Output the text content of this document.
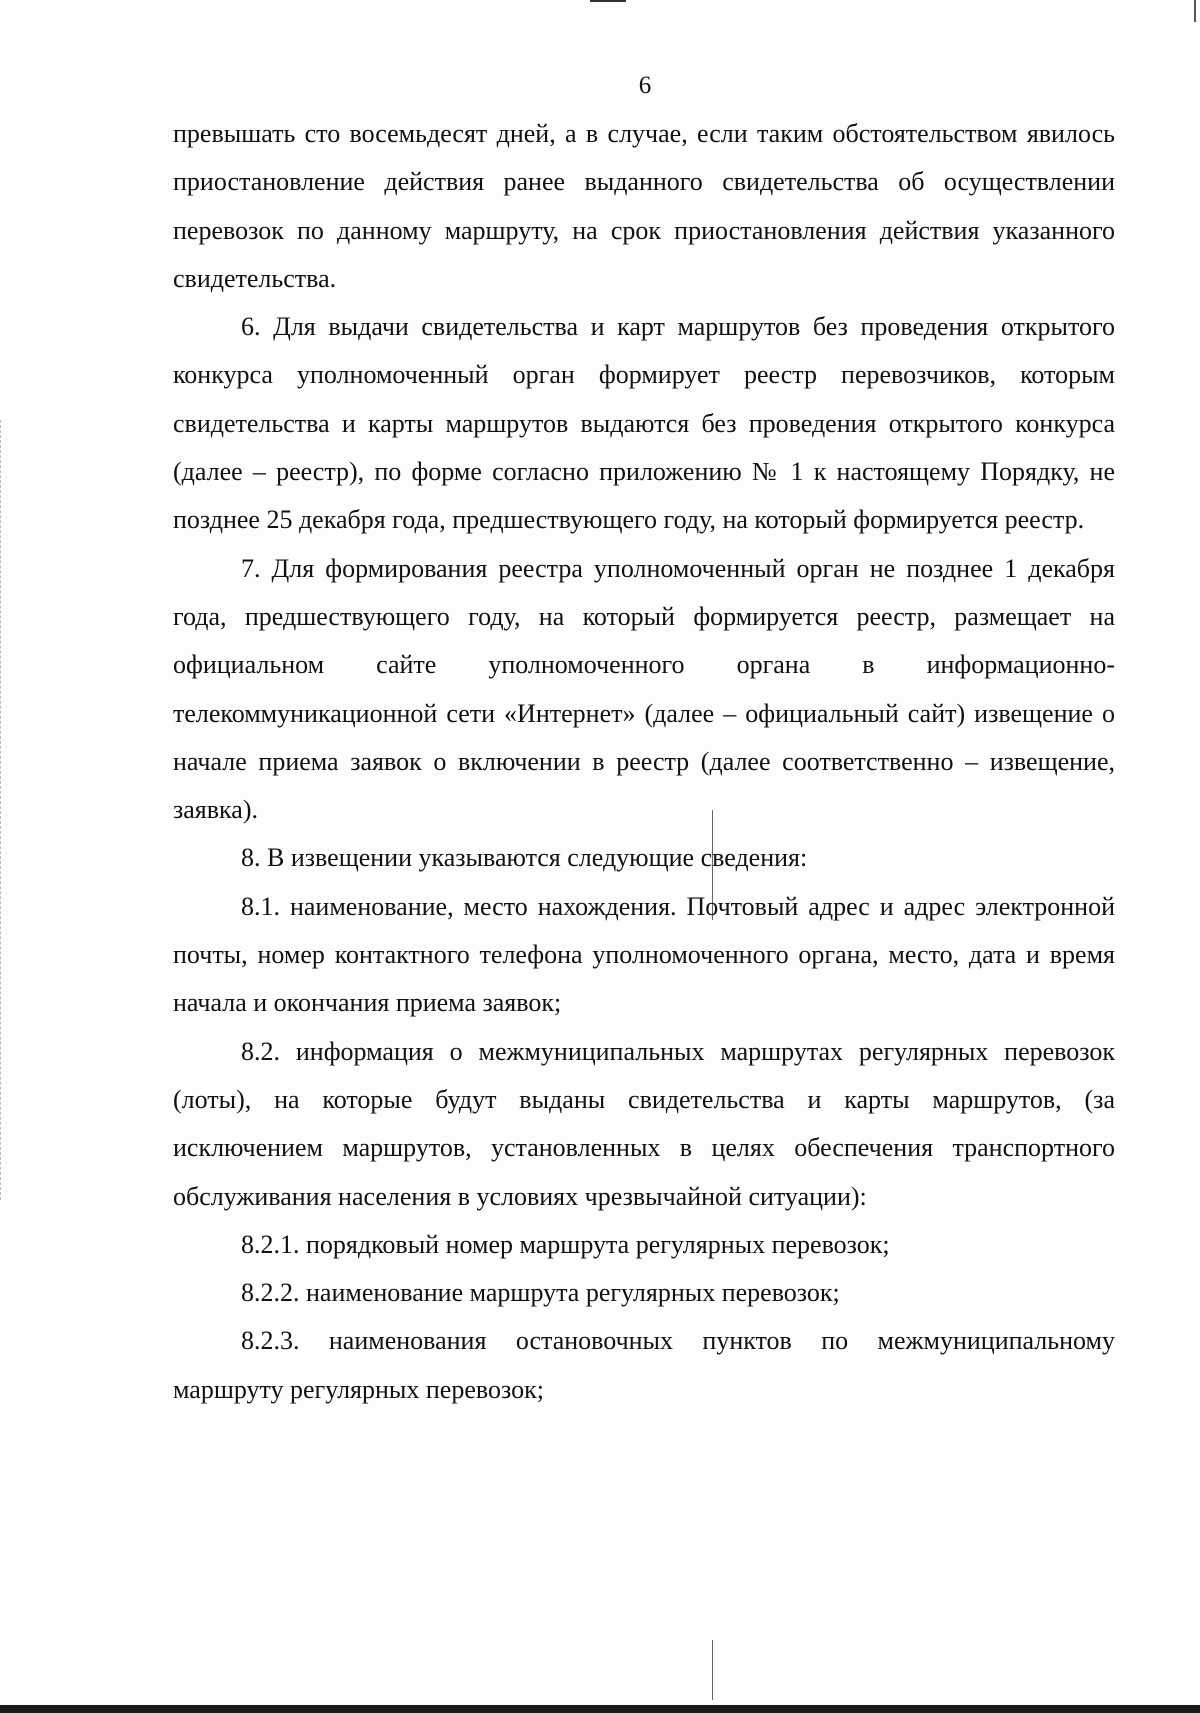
6

превышать сто восемьдесят дней, а в случае, если таким обстоятельством явилось приостановление действия ранее выданного свидетельства об осуществлении перевозок по данному маршруту, на срок приостановления действия указанного свидетельства.

6. Для выдачи свидетельства и карт маршрутов без проведения открытого конкурса уполномоченный орган формирует реестр перевозчиков, которым свидетельства и карты маршрутов выдаются без проведения открытого конкурса (далее – реестр), по форме согласно приложению № 1 к настоящему Порядку, не позднее 25 декабря года, предшествующего году, на который формируется реестр.

7. Для формирования реестра уполномоченный орган не позднее 1 декабря года, предшествующего году, на который формируется реестр, размещает на официальном сайте уполномоченного органа в информационно-телекоммуникационной сети «Интернет» (далее – официальный сайт) извещение о начале приема заявок о включении в реестр (далее соответственно – извещение, заявка).

8. В извещении указываются следующие сведения:

8.1. наименование, место нахождения. Почтовый адрес и адрес электронной почты, номер контактного телефона уполномоченного органа, место, дата и время начала и окончания приема заявок;

8.2. информация о межмуниципальных маршрутах регулярных перевозок (лоты), на которые будут выданы свидетельства и карты маршрутов, (за исключением маршрутов, установленных в целях обеспечения транспортного обслуживания населения в условиях чрезвычайной ситуации):

8.2.1. порядковый номер маршрута регулярных перевозок;

8.2.2. наименование маршрута регулярных перевозок;

8.2.3. наименования остановочных пунктов по межмуниципальному маршруту регулярных перевозок;
